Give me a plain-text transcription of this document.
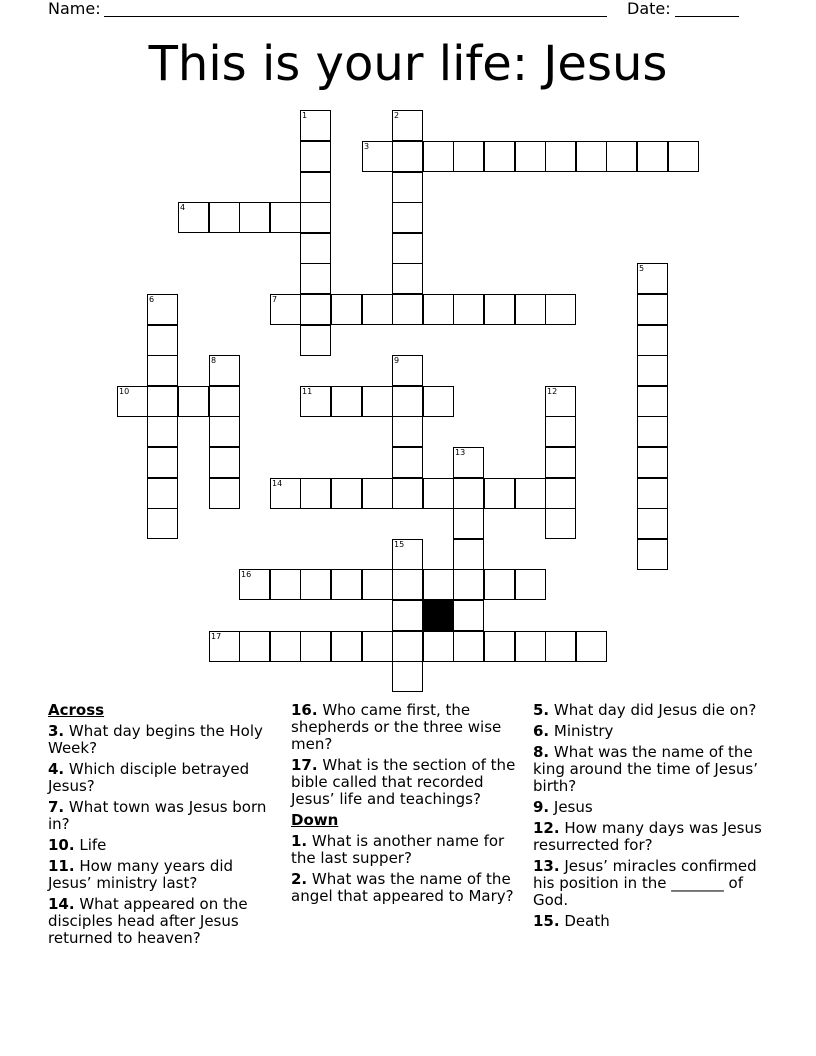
Name:	Date:
This is your life: Jesus
1	2
3
4
5
6	7
8	9
10	11	12
13
14
15
16
17
Across
3. What day begins the Holy Week?
4. Which disciple betrayed Jesus?
7. What town was Jesus born in?
10. Life
11. How many years did Jesus’ ministry last?
14. What appeared on the disciples head after Jesus returned to heaven?
16. Who came first, the shepherds or the three wise men?
17. What is the section of the bible called that recorded Jesus’ life and teachings?
Down
1. What is another name for the last supper?
2. What was the name of the angel that appeared to Mary?
5. What day did Jesus die on?
6. Ministry
8. What was the name of the king around the time of Jesus’ birth?
9. Jesus
12. How many days was Jesus resurrected for?
13. Jesus’ miracles confirmed his position in the _______ of God.
15. Death
